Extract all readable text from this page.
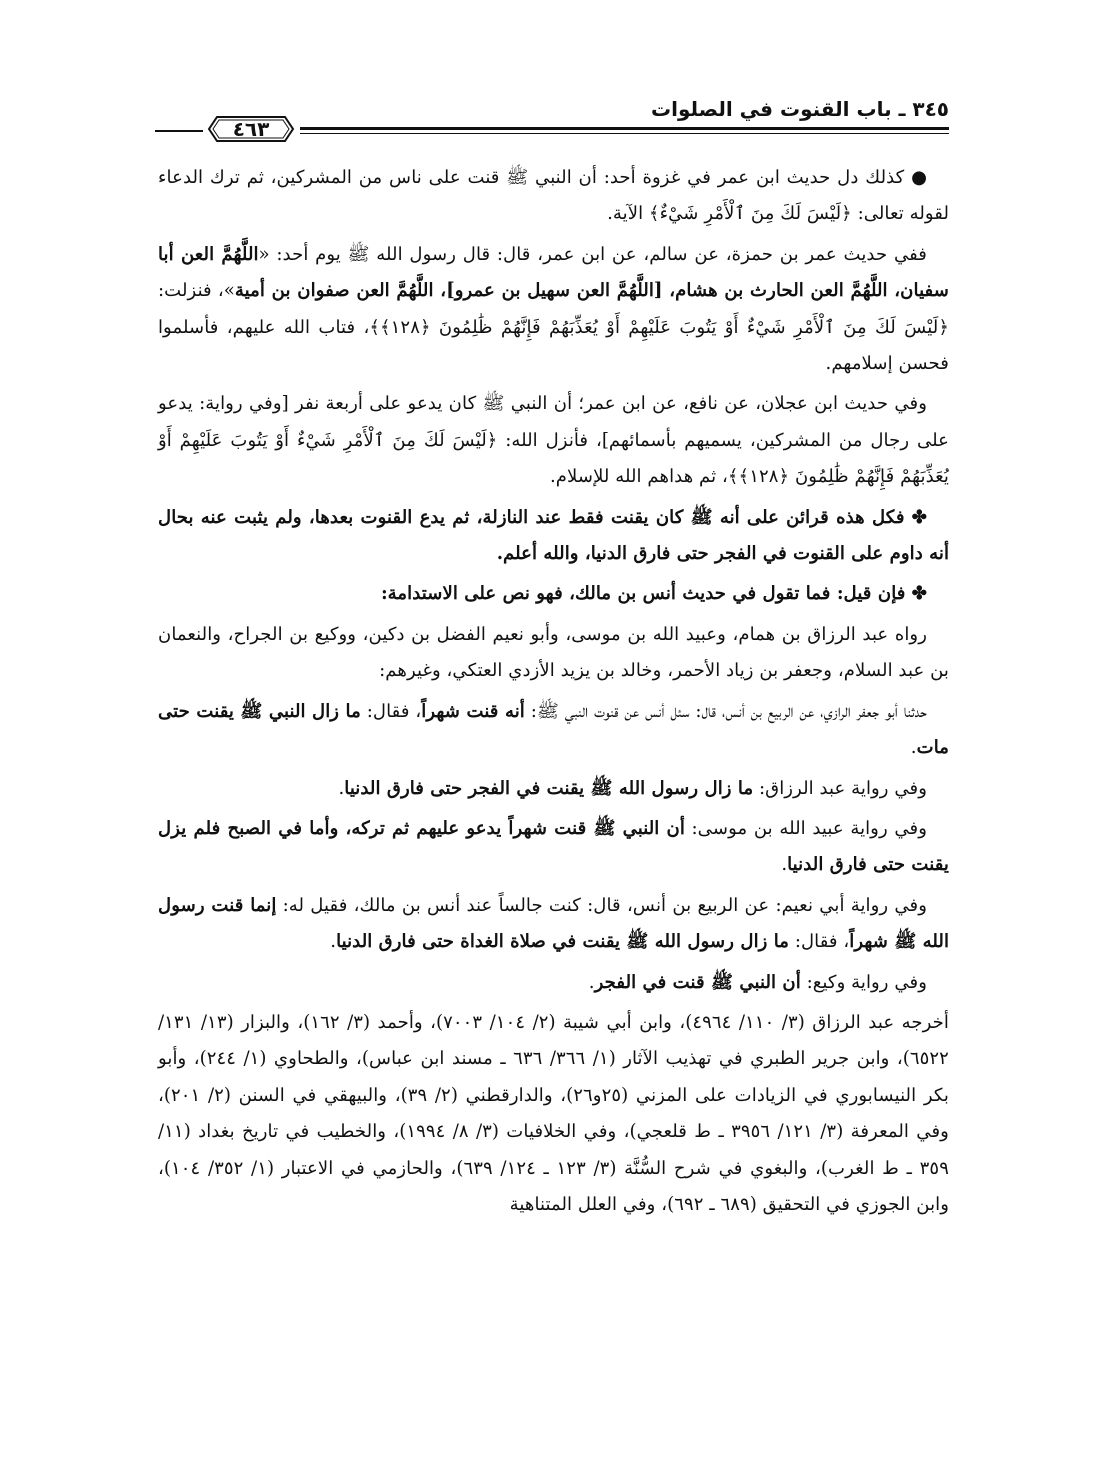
٣٤٥ ـ باب القنوت في الصلوات
٤٦٣

● كذلك دل حديث ابن عمر في غزوة أحد: أن النبي ﷺ قنت على ناس من المشركين، ثم ترك الدعاء لقوله تعالى: ﴿لَيْسَ لَكَ مِنَ ٱلْأَمْرِ شَيْءٌ﴾ الآية.

ففي حديث عمر بن حمزة، عن سالم، عن ابن عمر، قال: قال رسول الله ﷺ يوم أحد: «اللَّهُمَّ العن أبا سفيان، اللَّهُمَّ العن الحارث بن هشام، [اللَّهُمَّ العن سهيل بن عمرو]، اللَّهُمَّ العن صفوان بن أمية»، فنزلت: ﴿لَيْسَ لَكَ مِنَ ٱلْأَمْرِ شَيْءٌ أَوْ يَتُوبَ عَلَيْهِمْ أَوْ يُعَذِّبَهُمْ فَإِنَّهُمْ ظَٰلِمُونَ ﴿١٢٨﴾﴾، فتاب الله عليهم، فأسلموا فحسن إسلامهم.

وفي حديث ابن عجلان، عن نافع، عن ابن عمر؛ أن النبي ﷺ كان يدعو على أربعة نفر [وفي رواية: يدعو على رجال من المشركين، يسميهم بأسمائهم]، فأنزل الله: ﴿لَيْسَ لَكَ مِنَ ٱلْأَمْرِ شَيْءٌ أَوْ يَتُوبَ عَلَيْهِمْ أَوْ يُعَذِّبَهُمْ فَإِنَّهُمْ ظَٰلِمُونَ ﴿١٢٨﴾﴾، ثم هداهم الله للإسلام.

✤ فكل هذه قرائن على أنه ﷺ كان يقنت فقط عند النازلة، ثم يدع القنوت بعدها، ولم يثبت عنه بحال أنه داوم على القنوت في الفجر حتى فارق الدنيا، والله أعلم.

✤ فإن قيل: فما تقول في حديث أنس بن مالك، فهو نص على الاستدامة:

رواه عبد الرزاق بن همام، وعبيد الله بن موسى، وأبو نعيم الفضل بن دكين، ووكيع بن الجراح، والنعمان بن عبد السلام، وجعفر بن زياد الأحمر، وخالد بن يزيد الأزدي العتكي، وغيرهم:

حدثنا أبو جعفر الرازي، عن الربيع بن أنس، قال: سئل أنس عن قنوت النبي ﷺ: أنه قنت شهراً، فقال: ما زال النبي ﷺ يقنت حتى مات.

وفي رواية عبد الرزاق: ما زال رسول الله ﷺ يقنت في الفجر حتى فارق الدنيا.

وفي رواية عبيد الله بن موسى: أن النبي ﷺ قنت شهراً يدعو عليهم ثم تركه، وأما في الصبح فلم يزل يقنت حتى فارق الدنيا.

وفي رواية أبي نعيم: عن الربيع بن أنس، قال: كنت جالساً عند أنس بن مالك، فقيل له: إنما قنت رسول الله ﷺ شهراً، فقال: ما زال رسول الله ﷺ يقنت في صلاة الغداة حتى فارق الدنيا.

وفي رواية وكيع: أن النبي ﷺ قنت في الفجر.

أخرجه عبد الرزاق (٣/ ١١٠/ ٤٩٦٤)، وابن أبي شيبة (٢/ ١٠٤/ ٧٠٠٣)، وأحمد (٣/ ١٦٢)، والبزار (١٣/ ١٣١/ ٦٥٢٢)، وابن جرير الطبري في تهذيب الآثار (١/ ٣٦٦/ ٦٣٦ ـ مسند ابن عباس)، والطحاوي (١/ ٢٤٤)، وأبو بكر النيسابوري في الزيادات على المزني (٢٥و٢٦)، والدارقطني (٢/ ٣٩)، والبيهقي في السنن (٢/ ٢٠١)، وفي المعرفة (٣/ ١٢١/ ٣٩٥٦ ـ ط قلعجي)، وفي الخلافيات (٣/ ٨/ ١٩٩٤)، والخطيب في تاريخ بغداد (١١/ ٣٥٩ ـ ط الغرب)، والبغوي في شرح السُّنَّة (٣/ ١٢٣ ـ ١٢٤/ ٦٣٩)، والحازمي في الاعتبار (١/ ٣٥٢/ ١٠٤)، وابن الجوزي في التحقيق (٦٨٩ ـ ٦٩٢)، وفي العلل المتناهية
